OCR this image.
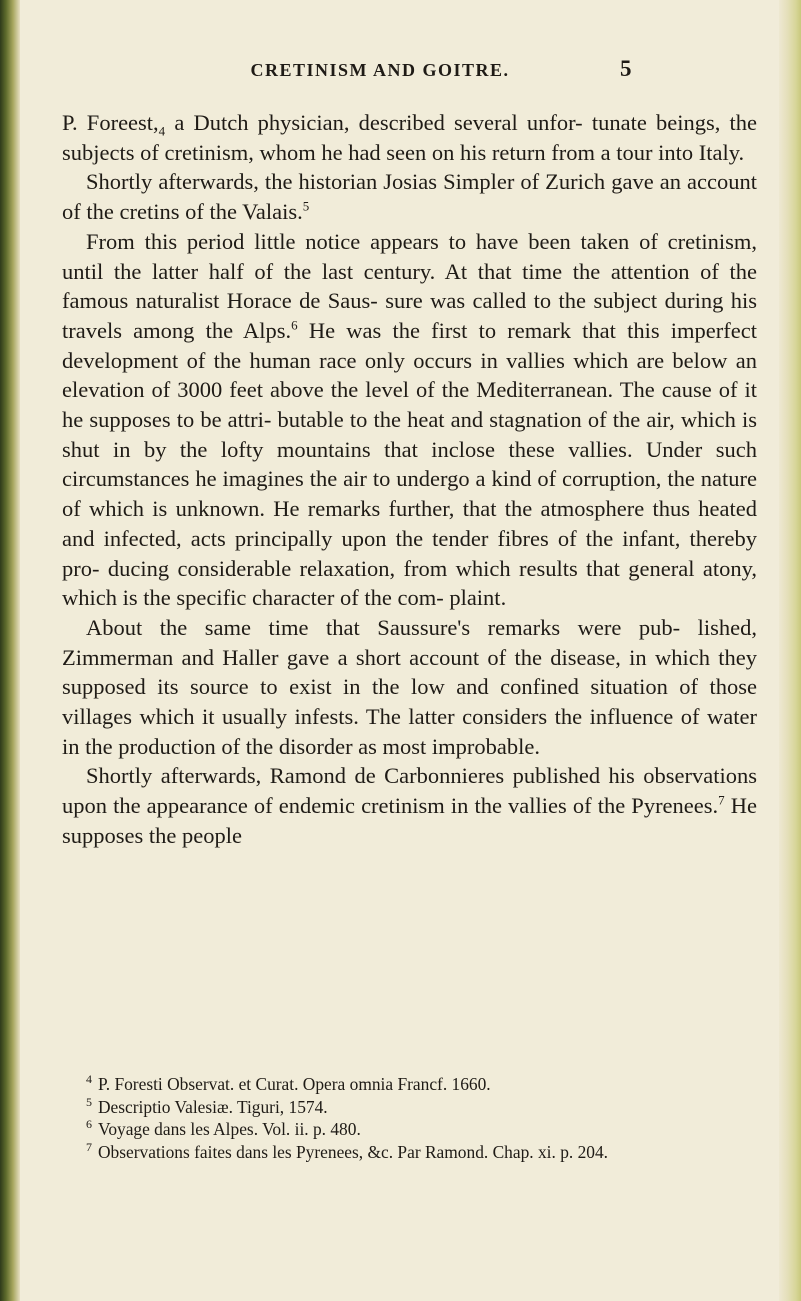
CRETINISM AND GOITRE.	5

P. $Foreest,_4$ a Dutch physician, described several unfor- tunate beings, the subjects of cretinism, whom he had seen on his return from a tour into Italy.

Shortly afterwards, the historian Josias Simpler of Zurich gave an account of the cretins of the Valais.$^5$

From this period little notice appears to have been taken of cretinism, until the latter half of the last century. At that time the attention of the famous naturalist Horace de Saus- sure was called to the subject during his travels among the Alps.$^6$ He was the first to remark that this imperfect development of the human race only occurs in vallies which are below an elevation of 3000 feet above the level of the Mediterranean. The cause of it he supposes to be attri- butable to the heat and stagnation of the air, which is shut in by the lofty mountains that inclose these vallies. Under such circumstances he imagines the air to undergo a kind of corruption, the nature of which is unknown. He remarks further, that the atmosphere thus heated and infected, acts principally upon the tender fibres of the infant, thereby pro- ducing considerable relaxation, from which results that general atony, which is the specific character of the com- plaint.

About the same time that Saussure's remarks were pub- lished, Zimmerman and Haller gave a short account of the disease, in which they supposed its source to exist in the low and confined situation of those villages which it usually infests. The latter considers the influence of water in the production of the disorder as most improbable.

Shortly afterwards, Ramond de Carbonnieres published his observations upon the appearance of endemic cretinism in the vallies of the Pyrenees.$^7$ He supposes the people

$^4$ P. Foresti Observat. et Curat. Opera omnia Francf. 1660.

$^5$ Descriptio Valesiæ. Tiguri, 1574.

$^6$ Voyage dans les Alpes. Vol. ii. p. 480.

$^7$ Observations faites dans les Pyrenees, &c. Par Ramond. Chap. xi. p. 204.
